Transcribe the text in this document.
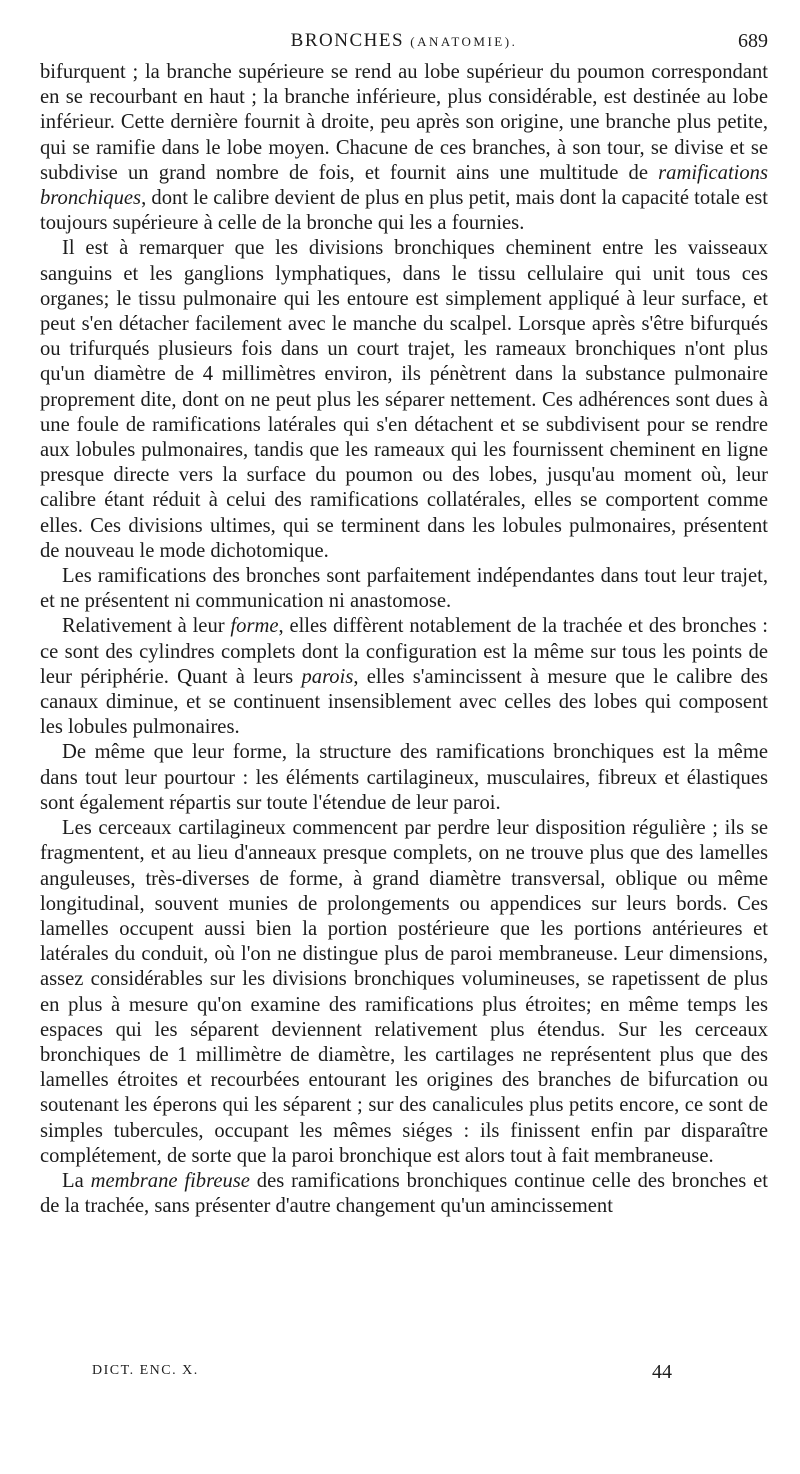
BRONCHES (ANATOMIE).	689

bifurquent ; la branche supérieure se rend au lobe supérieur du poumon correspondant en se recourbant en haut ; la branche inférieure, plus considérable, est destinée au lobe inférieur. Cette dernière fournit à droite, peu après son origine, une branche plus petite, qui se ramifie dans le lobe moyen. Chacune de ces branches, à son tour, se divise et se subdivise un grand nombre de fois, et fournit ains une multitude de ramifications bronchiques, dont le calibre devient de plus en plus petit, mais dont la capacité totale est toujours supérieure à celle de la bronche qui les a fournies.

Il est à remarquer que les divisions bronchiques cheminent entre les vaisseaux sanguins et les ganglions lymphatiques, dans le tissu cellulaire qui unit tous ces organes; le tissu pulmonaire qui les entoure est simplement appliqué à leur surface, et peut s'en détacher facilement avec le manche du scalpel. Lorsque après s'être bifurqués ou trifurqués plusieurs fois dans un court trajet, les rameaux bronchiques n'ont plus qu'un diamètre de 4 millimètres environ, ils pénètrent dans la substance pulmonaire proprement dite, dont on ne peut plus les séparer nettement. Ces adhérences sont dues à une foule de ramifications latérales qui s'en détachent et se subdivisent pour se rendre aux lobules pulmonaires, tandis que les rameaux qui les fournissent cheminent en ligne presque directe vers la surface du poumon ou des lobes, jusqu'au moment où, leur calibre étant réduit à celui des ramifications collatérales, elles se comportent comme elles. Ces divisions ultimes, qui se terminent dans les lobules pulmonaires, présentent de nouveau le mode dichotomique.

Les ramifications des bronches sont parfaitement indépendantes dans tout leur trajet, et ne présentent ni communication ni anastomose.

Relativement à leur forme, elles diffèrent notablement de la trachée et des bronches : ce sont des cylindres complets dont la configuration est la même sur tous les points de leur périphérie. Quant à leurs parois, elles s'amincissent à mesure que le calibre des canaux diminue, et se continuent insensiblement avec celles des lobes qui composent les lobules pulmonaires.

De même que leur forme, la structure des ramifications bronchiques est la même dans tout leur pourtour : les éléments cartilagineux, musculaires, fibreux et élastiques sont également répartis sur toute l'étendue de leur paroi.

Les cerceaux cartilagineux commencent par perdre leur disposition régulière ; ils se fragmentent, et au lieu d'anneaux presque complets, on ne trouve plus que des lamelles anguleuses, très-diverses de forme, à grand diamètre transversal, oblique ou même longitudinal, souvent munies de prolongements ou appendices sur leurs bords. Ces lamelles occupent aussi bien la portion postérieure que les portions antérieures et latérales du conduit, où l'on ne distingue plus de paroi membraneuse. Leur dimensions, assez considérables sur les divisions bronchiques volumineuses, se rapetissent de plus en plus à mesure qu'on examine des ramifications plus étroites; en même temps les espaces qui les séparent deviennent relativement plus étendus. Sur les cerceaux bronchiques de 1 millimètre de diamètre, les cartilages ne représentent plus que des lamelles étroites et recourbées entourant les origines des branches de bifurcation ou soutenant les éperons qui les séparent ; sur des canalicules plus petits encore, ce sont de simples tubercules, occupant les mêmes siéges : ils finissent enfin par disparaître complétement, de sorte que la paroi bronchique est alors tout à fait membraneuse.

La membrane fibreuse des ramifications bronchiques continue celle des bronches et de la trachée, sans présenter d'autre changement qu'un amincissement

DICT. ENC. X.	44
